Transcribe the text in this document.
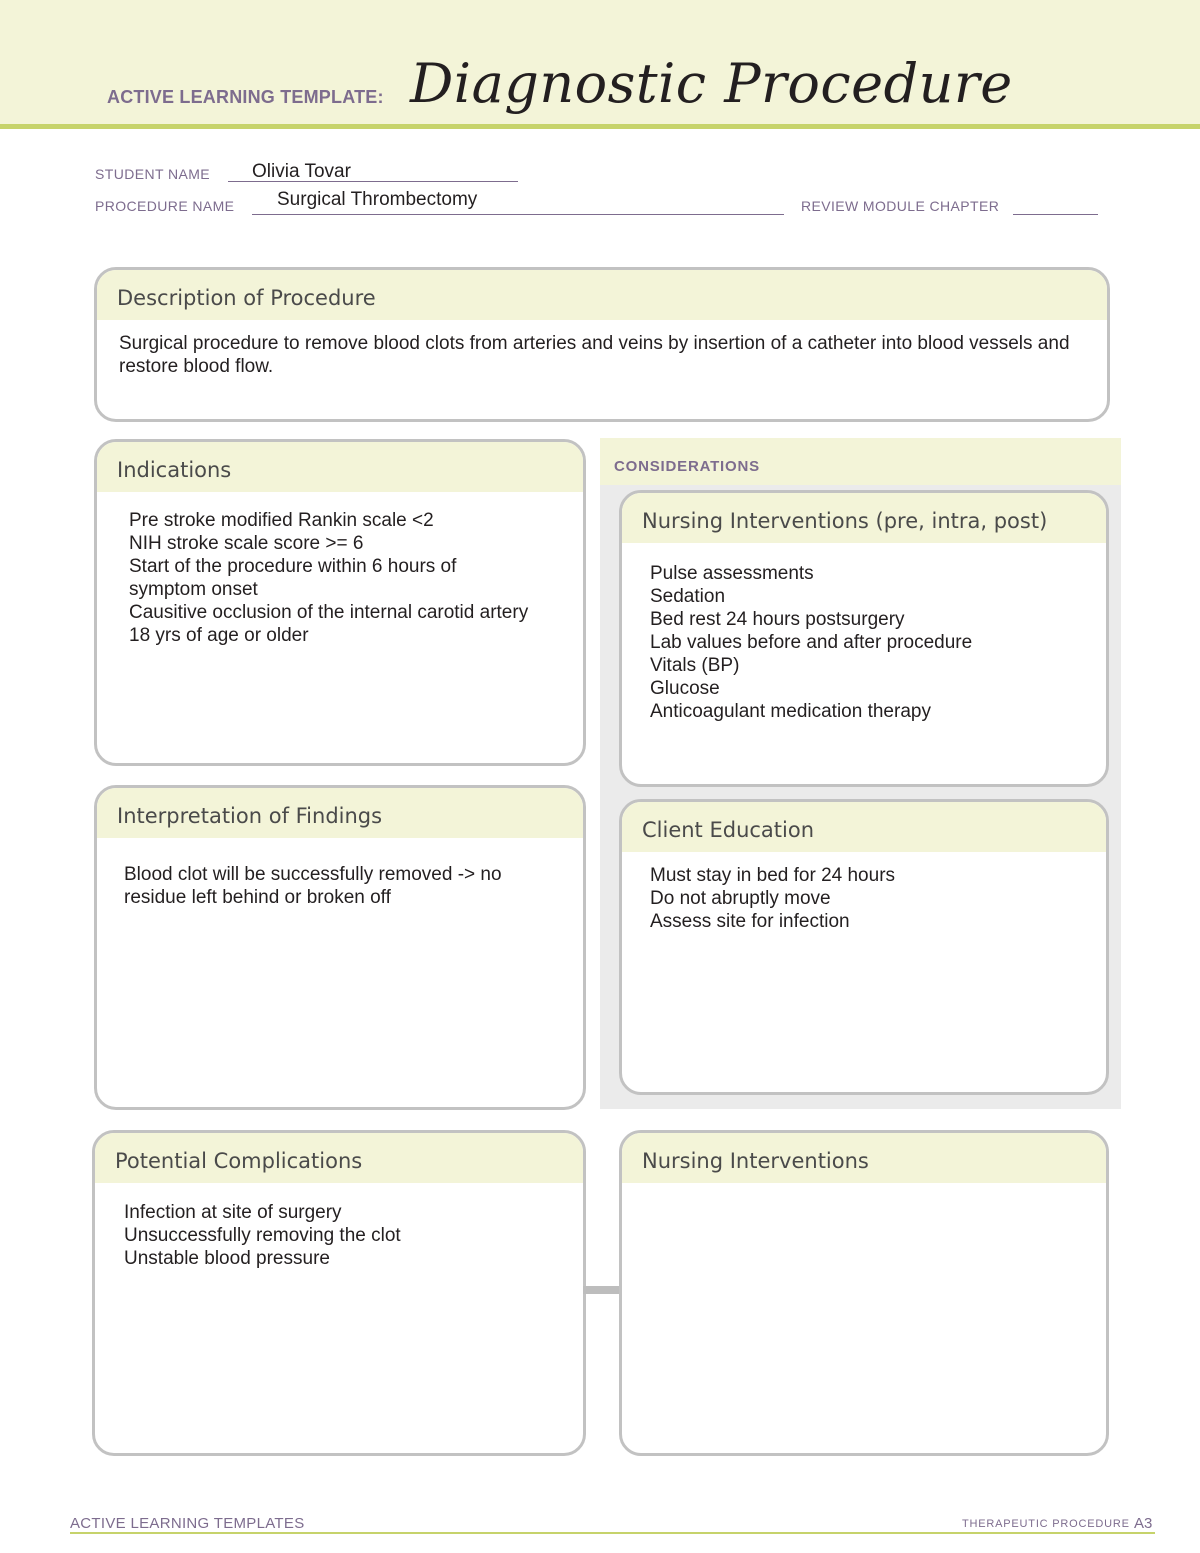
ACTIVE LEARNING TEMPLATE: Diagnostic Procedure
STUDENT NAME Olivia Tovar
PROCEDURE NAME Surgical Thrombectomy	REVIEW MODULE CHAPTER
Description of Procedure
Surgical procedure to remove blood clots from arteries and veins by insertion of a catheter into blood vessels and
restore blood flow.
Indications
Pre stroke modified Rankin scale <2
NIH stroke scale score >= 6
Start of the procedure within 6 hours of
symptom onset
Causitive occlusion of the internal carotid artery
18 yrs of age or older
CONSIDERATIONS
Nursing Interventions (pre, intra, post)
Pulse assessments
Sedation
Bed rest 24 hours postsurgery
Lab values before and after procedure
Vitals (BP)
Glucose
Anticoagulant medication therapy
Interpretation of Findings
Blood clot will be successfully removed -> no
residue left behind or broken off
Client Education
Must stay in bed for 24 hours
Do not abruptly move
Assess site for infection
Potential Complications
Infection at site of surgery
Unsuccessfully removing the clot
Unstable blood pressure
Nursing Interventions
ACTIVE LEARNING TEMPLATES	THERAPEUTIC PROCEDURE A3
